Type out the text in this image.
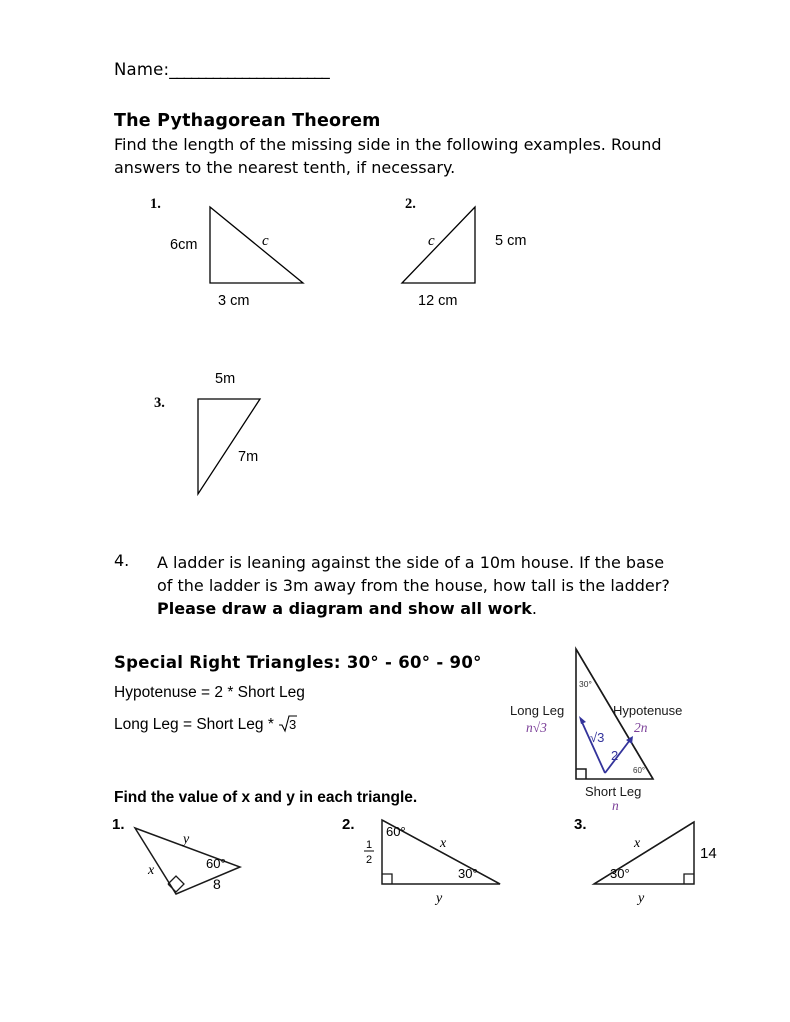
Name:______________________
The Pythagorean Theorem
Find the length of the missing side in the following examples. Round answers to the nearest tenth, if necessary.
1.
6cm	c
3 cm
2.
5 cm
c
12 cm
3.
5m
7m
4. A ladder is leaning against the side of a 10m house. If the base of the ladder is 3m away from the house, how tall is the ladder? Please draw a diagram and show all work.
Special Right Triangles: 30° - 60° - 90°
Hypotenuse = 2 * Short Leg
Long Leg = Short Leg * 3
30°
60°
Long Leg
n√3
Hypotenuse
2n
Short Leg
n
√3
2
Find the value of x and y in each triangle.
1.
y
x	60°
8
2. 60°
30°
1
2
x
y
3.
30°
x
y
14
